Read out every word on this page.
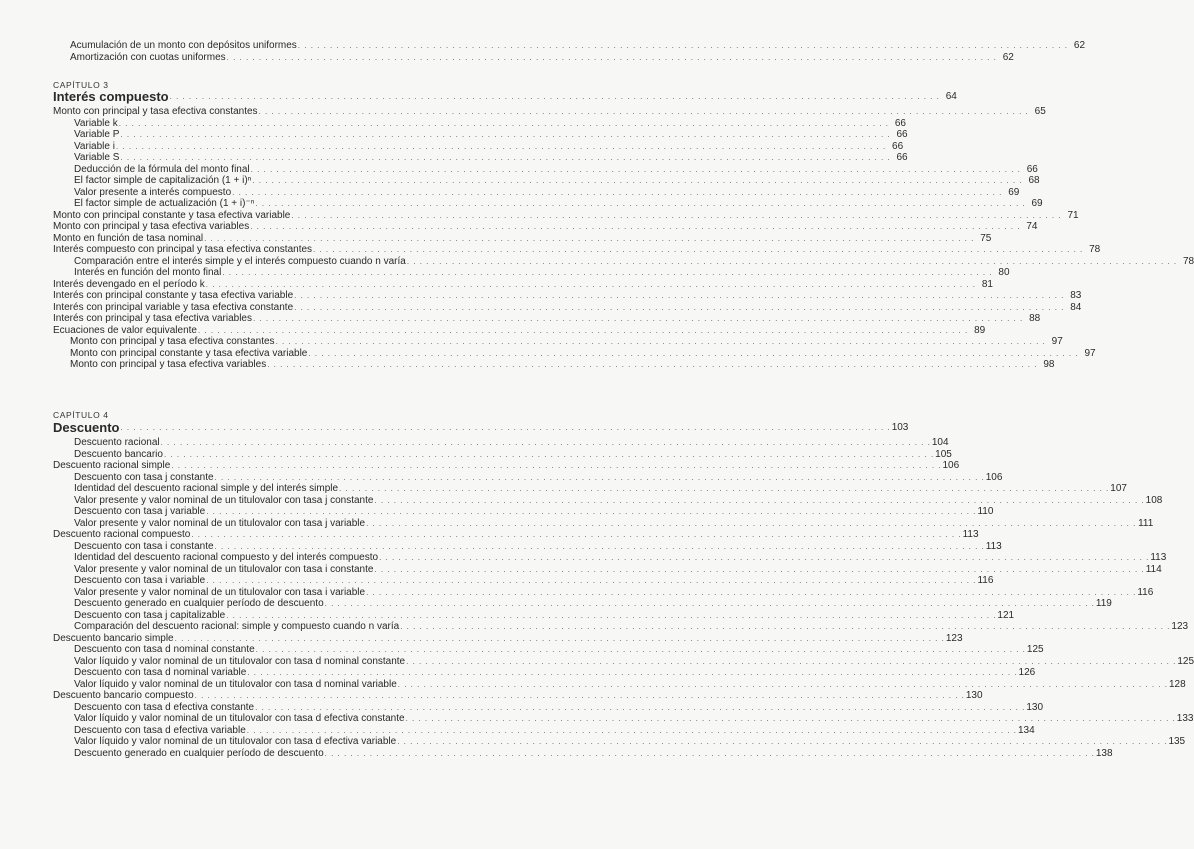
Acumulación de un monto con depósitos uniformes . . . . . . . . . . . . . . . . . . . . . . . . . . . . . . . . . . . . . . . . . . . . . . . . . . . . . . . . . . . . . . . . . . . . . . . . . . . . . . . . . . . . . . . . . . . . . . . . . . . . . . . . . . . . . . . . . . . . . . . . 62
Amortización con cuotas uniformes . . . . . . . . . . . . . . . . . . . . . . . . . . . . . . . . . . . . . . . . . . . . . . . . . . . . . . . . . . . . . . . . . . . . . . . . . . . . . . . . . . . . . . . . . . . . . . . . . . . . . . . . . . . . . . . . . . . . . . . . 62
CAPÍTULO 3
Interés compuesto . . . . . . . . . . . . . . . . . . . . . . . . . . . . . . . . . . . . . . . . . . . . . . . . . . . . . . . . . . . . . . . . . . . . . . . . . . . . . . . . . . . . . . . . . . . . . . . . . . . . . . . . . . . . . . . . . . . . . . . . 64
Monto con principal y tasa efectiva constantes . . . . . . . . . . . . . . . . . . . . . . . . . . . . . . . . . . . . . . . . . . . . . . . . . . . . . . . . . . . . . . . . . . . . . . . . . . . . . . . . . . . . . . . . . . . . . . . . . . . . . . . . . . . . . . . . . . . . . . . . 65
Variable k . . . . . . . . . . . . . . . . . . . . . . . . . . . . . . . . . . . . . . . . . . . . . . . . . . . . . . . . . . . . . . . . . . . . . . . . . . . . . . . . . . . . . . . . . . . . . . . . . . . . . . . . . . . . . . . . . . . . . . . . 66
Variable P . . . . . . . . . . . . . . . . . . . . . . . . . . . . . . . . . . . . . . . . . . . . . . . . . . . . . . . . . . . . . . . . . . . . . . . . . . . . . . . . . . . . . . . . . . . . . . . . . . . . . . . . . . . . . . . . . . . . . . . . 66
Variable i . . . . . . . . . . . . . . . . . . . . . . . . . . . . . . . . . . . . . . . . . . . . . . . . . . . . . . . . . . . . . . . . . . . . . . . . . . . . . . . . . . . . . . . . . . . . . . . . . . . . . . . . . . . . . . . . . . . . . . . . 66
Variable S . . . . . . . . . . . . . . . . . . . . . . . . . . . . . . . . . . . . . . . . . . . . . . . . . . . . . . . . . . . . . . . . . . . . . . . . . . . . . . . . . . . . . . . . . . . . . . . . . . . . . . . . . . . . . . . . . . . . . . . . 66
Deducción de la fórmula del monto final . . . . . . . . . . . . . . . . . . . . . . . . . . . . . . . . . . . . . . . . . . . . . . . . . . . . . . . . . . . . . . . . . . . . . . . . . . . . . . . . . . . . . . . . . . . . . . . . . . . . . . . . . . . . . . . . . . . . . . . . 66
El factor simple de capitalización (1 + i)ⁿ . . . . . . . . . . . . . . . . . . . . . . . . . . . . . . . . . . . . . . . . . . . . . . . . . . . . . . . . . . . . . . . . . . . . . . . . . . . . . . . . . . . . . . . . . . . . . . . . . . . . . . . . . . . . . . . . . . . . . . . . 68
Valor presente a interés compuesto . . . . . . . . . . . . . . . . . . . . . . . . . . . . . . . . . . . . . . . . . . . . . . . . . . . . . . . . . . . . . . . . . . . . . . . . . . . . . . . . . . . . . . . . . . . . . . . . . . . . . . . . . . . . . . . . . . . . . . . . 69
El factor simple de actualización (1 + i)⁻ⁿ . . . . . . . . . . . . . . . . . . . . . . . . . . . . . . . . . . . . . . . . . . . . . . . . . . . . . . . . . . . . . . . . . . . . . . . . . . . . . . . . . . . . . . . . . . . . . . . . . . . . . . . . . . . . . . . . . . . . . . . . 69
Monto con principal constante y tasa efectiva variable . . . . . . . . . . . . . . . . . . . . . . . . . . . . . . . . . . . . . . . . . . . . . . . . . . . . . . . . . . . . . . . . . . . . . . . . . . . . . . . . . . . . . . . . . . . . . . . . . . . . . . . . . . . . . . . . . . . . . . . . 71
Monto con principal y tasa efectiva variables . . . . . . . . . . . . . . . . . . . . . . . . . . . . . . . . . . . . . . . . . . . . . . . . . . . . . . . . . . . . . . . . . . . . . . . . . . . . . . . . . . . . . . . . . . . . . . . . . . . . . . . . . . . . . . . . . . . . . . . . 74
Monto en función de tasa nominal . . . . . . . . . . . . . . . . . . . . . . . . . . . . . . . . . . . . . . . . . . . . . . . . . . . . . . . . . . . . . . . . . . . . . . . . . . . . . . . . . . . . . . . . . . . . . . . . . . . . . . . . . . . . . . . . . . . . . . . . 75
Interés compuesto con principal y tasa efectiva constantes . . . . . . . . . . . . . . . . . . . . . . . . . . . . . . . . . . . . . . . . . . . . . . . . . . . . . . . . . . . . . . . . . . . . . . . . . . . . . . . . . . . . . . . . . . . . . . . . . . . . . . . . . . . . . . . . . . . . . . . . 78
Comparación entre el interés simple y el interés compuesto cuando n varía . . . . . . . . . . . . . . . . . . . . . . . . . . . . . . . . . . . . . . . . . . . . . . . . . . . . . . . . . . . . . . . . . . . . . . . . . . . . . . . . . . . . . . . . . . . . . . . . . . . . . . . . . . . . . . . . . . . . . . . . 78
Interés en función del monto final . . . . . . . . . . . . . . . . . . . . . . . . . . . . . . . . . . . . . . . . . . . . . . . . . . . . . . . . . . . . . . . . . . . . . . . . . . . . . . . . . . . . . . . . . . . . . . . . . . . . . . . . . . . . . . . . . . . . . . . . 80
Interés devengado en el período k . . . . . . . . . . . . . . . . . . . . . . . . . . . . . . . . . . . . . . . . . . . . . . . . . . . . . . . . . . . . . . . . . . . . . . . . . . . . . . . . . . . . . . . . . . . . . . . . . . . . . . . . . . . . . . . . . . . . . . . . 81
Interés con principal constante y tasa efectiva variable . . . . . . . . . . . . . . . . . . . . . . . . . . . . . . . . . . . . . . . . . . . . . . . . . . . . . . . . . . . . . . . . . . . . . . . . . . . . . . . . . . . . . . . . . . . . . . . . . . . . . . . . . . . . . . . . . . . . . . . . 83
Interés con principal variable y tasa efectiva constante . . . . . . . . . . . . . . . . . . . . . . . . . . . . . . . . . . . . . . . . . . . . . . . . . . . . . . . . . . . . . . . . . . . . . . . . . . . . . . . . . . . . . . . . . . . . . . . . . . . . . . . . . . . . . . . . . . . . . . . . 84
Interés con principal y tasa efectiva variables . . . . . . . . . . . . . . . . . . . . . . . . . . . . . . . . . . . . . . . . . . . . . . . . . . . . . . . . . . . . . . . . . . . . . . . . . . . . . . . . . . . . . . . . . . . . . . . . . . . . . . . . . . . . . . . . . . . . . . . . 88
Ecuaciones de valor equivalente . . . . . . . . . . . . . . . . . . . . . . . . . . . . . . . . . . . . . . . . . . . . . . . . . . . . . . . . . . . . . . . . . . . . . . . . . . . . . . . . . . . . . . . . . . . . . . . . . . . . . . . . . . . . . . . . . . . . . . . . 89
Monto con principal y tasa efectiva constantes . . . . . . . . . . . . . . . . . . . . . . . . . . . . . . . . . . . . . . . . . . . . . . . . . . . . . . . . . . . . . . . . . . . . . . . . . . . . . . . . . . . . . . . . . . . . . . . . . . . . . . . . . . . . . . . . . . . . . . . . 97
Monto con principal constante y tasa efectiva variable . . . . . . . . . . . . . . . . . . . . . . . . . . . . . . . . . . . . . . . . . . . . . . . . . . . . . . . . . . . . . . . . . . . . . . . . . . . . . . . . . . . . . . . . . . . . . . . . . . . . . . . . . . . . . . . . . . . . . . . . 97
Monto con principal y tasa efectiva variables . . . . . . . . . . . . . . . . . . . . . . . . . . . . . . . . . . . . . . . . . . . . . . . . . . . . . . . . . . . . . . . . . . . . . . . . . . . . . . . . . . . . . . . . . . . . . . . . . . . . . . . . . . . . . . . . . . . . . . . . 98
CAPÍTULO 4
Descuento . . . . . . . . . . . . . . . . . . . . . . . . . . . . . . . . . . . . . . . . . . . . . . . . . . . . . . . . . . . . . . . . . . . . . . . . . . . . . . . . . . . . . . . . . . . . . . . . . . . . . . . . . . . . . . . . . . . . . . . . 103
Descuento racional . . . . . . . . . . . . . . . . . . . . . . . . . . . . . . . . . . . . . . . . . . . . . . . . . . . . . . . . . . . . . . . . . . . . . . . . . . . . . . . . . . . . . . . . . . . . . . . . . . . . . . . . . . . . . . . . . . . . . . . . 104
Descuento bancario . . . . . . . . . . . . . . . . . . . . . . . . . . . . . . . . . . . . . . . . . . . . . . . . . . . . . . . . . . . . . . . . . . . . . . . . . . . . . . . . . . . . . . . . . . . . . . . . . . . . . . . . . . . . . . . . . . . . . . . . 105
Descuento racional simple . . . . . . . . . . . . . . . . . . . . . . . . . . . . . . . . . . . . . . . . . . . . . . . . . . . . . . . . . . . . . . . . . . . . . . . . . . . . . . . . . . . . . . . . . . . . . . . . . . . . . . . . . . . . . . . . . . . . . . . . 106
Descuento con tasa j constante . . . . . . . . . . . . . . . . . . . . . . . . . . . . . . . . . . . . . . . . . . . . . . . . . . . . . . . . . . . . . . . . . . . . . . . . . . . . . . . . . . . . . . . . . . . . . . . . . . . . . . . . . . . . . . . . . . . . . . . . 106
Identidad del descuento racional simple y del interés simple . . . . . . . . . . . . . . . . . . . . . . . . . . . . . . . . . . . . . . . . . . . . . . . . . . . . . . . . . . . . . . . . . . . . . . . . . . . . . . . . . . . . . . . . . . . . . . . . . . . . . . . . . . . . . . . . . . . . . . . . 107
Valor presente y valor nominal de un titulovalor con tasa j constante . . . . . . . . . . . . . . . . . . . . . . . . . . . . . . . . . . . . . . . . . . . . . . . . . . . . . . . . . . . . . . . . . . . . . . . . . . . . . . . . . . . . . . . . . . . . . . . . . . . . . . . . . . . . . . . . . . . . . . . . 108
Descuento con tasa j variable . . . . . . . . . . . . . . . . . . . . . . . . . . . . . . . . . . . . . . . . . . . . . . . . . . . . . . . . . . . . . . . . . . . . . . . . . . . . . . . . . . . . . . . . . . . . . . . . . . . . . . . . . . . . . . . . . . . . . . . . 110
Valor presente y valor nominal de un titulovalor con tasa j variable . . . . . . . . . . . . . . . . . . . . . . . . . . . . . . . . . . . . . . . . . . . . . . . . . . . . . . . . . . . . . . . . . . . . . . . . . . . . . . . . . . . . . . . . . . . . . . . . . . . . . . . . . . . . . . . . . . . . . . . . 111
Descuento racional compuesto . . . . . . . . . . . . . . . . . . . . . . . . . . . . . . . . . . . . . . . . . . . . . . . . . . . . . . . . . . . . . . . . . . . . . . . . . . . . . . . . . . . . . . . . . . . . . . . . . . . . . . . . . . . . . . . . . . . . . . . . 113
Descuento con tasa i constante . . . . . . . . . . . . . . . . . . . . . . . . . . . . . . . . . . . . . . . . . . . . . . . . . . . . . . . . . . . . . . . . . . . . . . . . . . . . . . . . . . . . . . . . . . . . . . . . . . . . . . . . . . . . . . . . . . . . . . . . 113
Identidad del descuento racional compuesto y del interés compuesto . . . . . . . . . . . . . . . . . . . . . . . . . . . . . . . . . . . . . . . . . . . . . . . . . . . . . . . . . . . . . . . . . . . . . . . . . . . . . . . . . . . . . . . . . . . . . . . . . . . . . . . . . . . . . . . . . . . . . . . . 113
Valor presente y valor nominal de un titulovalor con tasa i constante . . . . . . . . . . . . . . . . . . . . . . . . . . . . . . . . . . . . . . . . . . . . . . . . . . . . . . . . . . . . . . . . . . . . . . . . . . . . . . . . . . . . . . . . . . . . . . . . . . . . . . . . . . . . . . . . . . . . . . . . 114
Descuento con tasa i variable . . . . . . . . . . . . . . . . . . . . . . . . . . . . . . . . . . . . . . . . . . . . . . . . . . . . . . . . . . . . . . . . . . . . . . . . . . . . . . . . . . . . . . . . . . . . . . . . . . . . . . . . . . . . . . . . . . . . . . . . 116
Valor presente y valor nominal de un titulovalor con tasa i variable . . . . . . . . . . . . . . . . . . . . . . . . . . . . . . . . . . . . . . . . . . . . . . . . . . . . . . . . . . . . . . . . . . . . . . . . . . . . . . . . . . . . . . . . . . . . . . . . . . . . . . . . . . . . . . . . . . . . . . . . 116
Descuento generado en cualquier período de descuento . . . . . . . . . . . . . . . . . . . . . . . . . . . . . . . . . . . . . . . . . . . . . . . . . . . . . . . . . . . . . . . . . . . . . . . . . . . . . . . . . . . . . . . . . . . . . . . . . . . . . . . . . . . . . . . . . . . . . . . . 119
Descuento con tasa j capitalizable . . . . . . . . . . . . . . . . . . . . . . . . . . . . . . . . . . . . . . . . . . . . . . . . . . . . . . . . . . . . . . . . . . . . . . . . . . . . . . . . . . . . . . . . . . . . . . . . . . . . . . . . . . . . . . . . . . . . . . . . 121
Comparación del descuento racional: simple y compuesto cuando n varía . . . . . . . . . . . . . . . . . . . . . . . . . . . . . . . . . . . . . . . . . . . . . . . . . . . . . . . . . . . . . . . . . . . . . . . . . . . . . . . . . . . . . . . . . . . . . . . . . . . . . . . . . . . . . . . . . . . . . . . . 123
Descuento bancario simple . . . . . . . . . . . . . . . . . . . . . . . . . . . . . . . . . . . . . . . . . . . . . . . . . . . . . . . . . . . . . . . . . . . . . . . . . . . . . . . . . . . . . . . . . . . . . . . . . . . . . . . . . . . . . . . . . . . . . . . . 123
Descuento con tasa d nominal constante . . . . . . . . . . . . . . . . . . . . . . . . . . . . . . . . . . . . . . . . . . . . . . . . . . . . . . . . . . . . . . . . . . . . . . . . . . . . . . . . . . . . . . . . . . . . . . . . . . . . . . . . . . . . . . . . . . . . . . . . 125
Valor líquido y valor nominal de un titulovalor con tasa d nominal constante . . . . . . . . . . . . . . . . . . . . . . . . . . . . . . . . . . . . . . . . . . . . . . . . . . . . . . . . . . . . . . . . . . . . . . . . . . . . . . . . . . . . . . . . . . . . . . . . . . . . . . . . . . . . . . . . . . . . . . . . 125
Descuento con tasa d nominal variable . . . . . . . . . . . . . . . . . . . . . . . . . . . . . . . . . . . . . . . . . . . . . . . . . . . . . . . . . . . . . . . . . . . . . . . . . . . . . . . . . . . . . . . . . . . . . . . . . . . . . . . . . . . . . . . . . . . . . . . . 126
Valor líquido y valor nominal de un titulovalor con tasa d nominal variable . . . . . . . . . . . . . . . . . . . . . . . . . . . . . . . . . . . . . . . . . . . . . . . . . . . . . . . . . . . . . . . . . . . . . . . . . . . . . . . . . . . . . . . . . . . . . . . . . . . . . . . . . . . . . . . . . . . . . . . . 128
Descuento bancario compuesto . . . . . . . . . . . . . . . . . . . . . . . . . . . . . . . . . . . . . . . . . . . . . . . . . . . . . . . . . . . . . . . . . . . . . . . . . . . . . . . . . . . . . . . . . . . . . . . . . . . . . . . . . . . . . . . . . . . . . . . . 130
Descuento con tasa d efectiva constante . . . . . . . . . . . . . . . . . . . . . . . . . . . . . . . . . . . . . . . . . . . . . . . . . . . . . . . . . . . . . . . . . . . . . . . . . . . . . . . . . . . . . . . . . . . . . . . . . . . . . . . . . . . . . . . . . . . . . . . . 130
Valor líquido y valor nominal de un titulovalor con tasa d efectiva constante . . . . . . . . . . . . . . . . . . . . . . . . . . . . . . . . . . . . . . . . . . . . . . . . . . . . . . . . . . . . . . . . . . . . . . . . . . . . . . . . . . . . . . . . . . . . . . . . . . . . . . . . . . . . . . . . . . . . . . . . 133
Descuento con tasa d efectiva variable . . . . . . . . . . . . . . . . . . . . . . . . . . . . . . . . . . . . . . . . . . . . . . . . . . . . . . . . . . . . . . . . . . . . . . . . . . . . . . . . . . . . . . . . . . . . . . . . . . . . . . . . . . . . . . . . . . . . . . . . 134
Valor líquido y valor nominal de un titulovalor con tasa d efectiva variable . . . . . . . . . . . . . . . . . . . . . . . . . . . . . . . . . . . . . . . . . . . . . . . . . . . . . . . . . . . . . . . . . . . . . . . . . . . . . . . . . . . . . . . . . . . . . . . . . . . . . . . . . . . . . . . . . . . . . . . . 135
Descuento generado en cualquier período de descuento . . . . . . . . . . . . . . . . . . . . . . . . . . . . . . . . . . . . . . . . . . . . . . . . . . . . . . . . . . . . . . . . . . . . . . . . . . . . . . . . . . . . . . . . . . . . . . . . . . . . . . . . . . . . . . . . . . . . . . . . 138
